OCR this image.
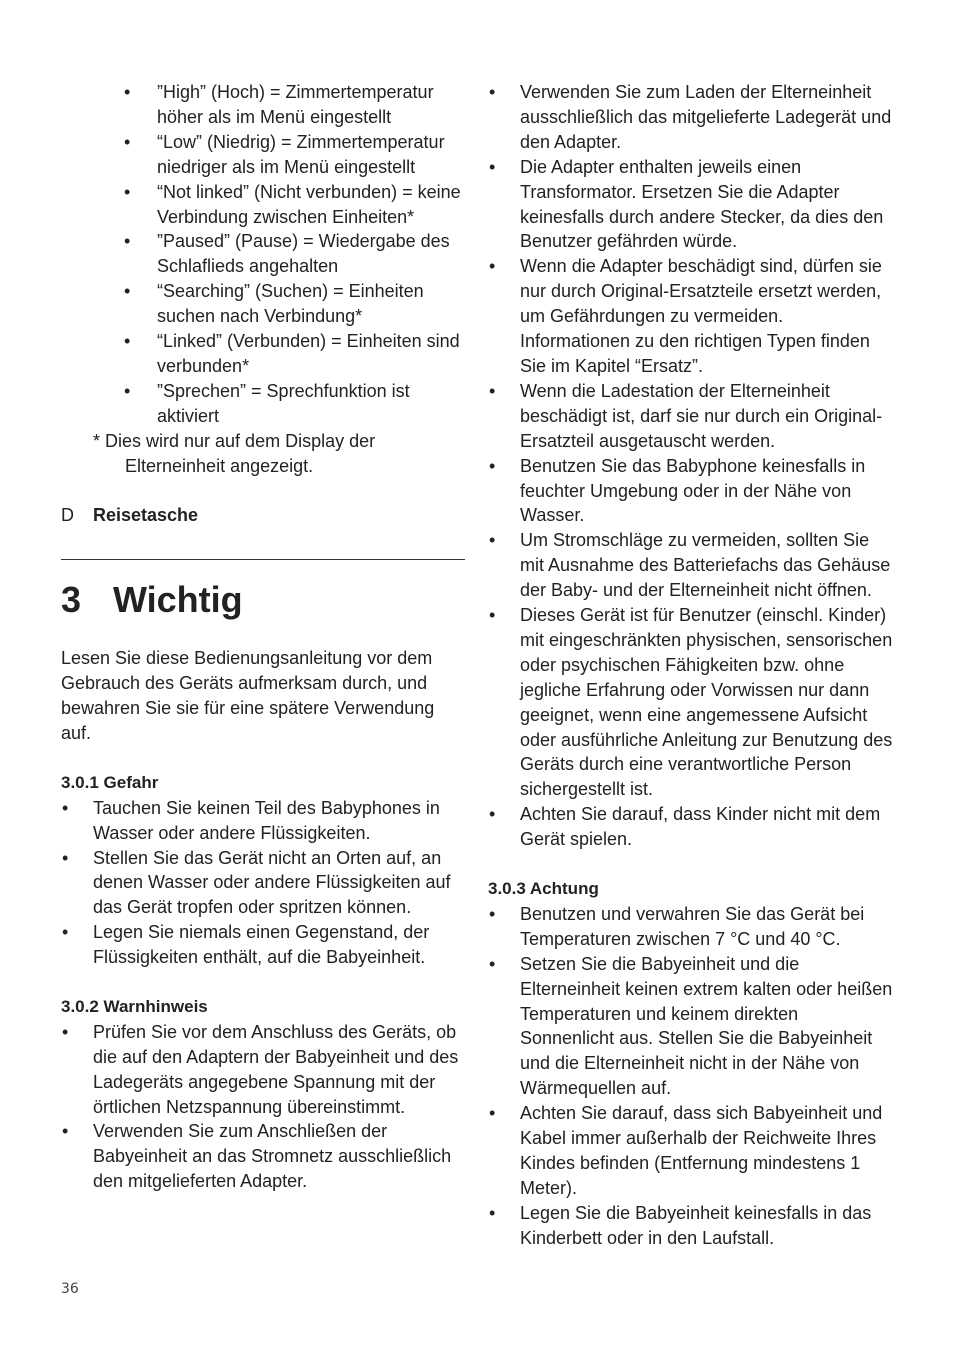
• ”High” (Hoch) = Zimmertemperatur höher als im Menü eingestellt
• “Low” (Niedrig) = Zimmertemperatur niedriger als im Menü eingestellt
• “Not linked” (Nicht verbunden) = keine Verbindung zwischen Einheiten*
• ”Paused” (Pause) = Wiedergabe des Schlaflieds angehalten
• “Searching” (Suchen) = Einheiten suchen nach Verbindung*
• “Linked” (Verbunden) = Einheiten sind verbunden*
• ”Sprechen” = Sprechfunktion ist aktiviert
* Dies wird nur auf dem Display der Elterneinheit angezeigt.
D Reisetasche
3 Wichtig
Lesen Sie diese Bedienungsanleitung vor dem Gebrauch des Geräts aufmerksam durch, und bewahren Sie sie für eine spätere Verwendung auf.
3.0.1 Gefahr
• Tauchen Sie keinen Teil des Babyphones in Wasser oder andere Flüssigkeiten.
• Stellen Sie das Gerät nicht an Orten auf, an denen Wasser oder andere Flüssigkeiten auf das Gerät tropfen oder spritzen können.
• Legen Sie niemals einen Gegenstand, der Flüssigkeiten enthält, auf die Babyeinheit.
3.0.2 Warnhinweis
• Prüfen Sie vor dem Anschluss des Geräts, ob die auf den Adaptern der Babyeinheit und des Ladegeräts angegebene Spannung mit der örtlichen Netzspannung übereinstimmt.
• Verwenden Sie zum Anschließen der Babyeinheit an das Stromnetz ausschließlich den mitgelieferten Adapter.
• Verwenden Sie zum Laden der Elterneinheit ausschließlich das mitgelieferte Ladegerät und den Adapter.
• Die Adapter enthalten jeweils einen Transformator. Ersetzen Sie die Adapter keinesfalls durch andere Stecker, da dies den Benutzer gefährden würde.
• Wenn die Adapter beschädigt sind, dürfen sie nur durch Original-Ersatzteile ersetzt werden, um Gefährdungen zu vermeiden. Informationen zu den richtigen Typen finden Sie im Kapitel “Ersatz”.
• Wenn die Ladestation der Elterneinheit beschädigt ist, darf sie nur durch ein Original-Ersatzteil ausgetauscht werden.
• Benutzen Sie das Babyphone keinesfalls in feuchter Umgebung oder in der Nähe von Wasser.
• Um Stromschläge zu vermeiden, sollten Sie mit Ausnahme des Batteriefachs das Gehäuse der Baby- und der Elterneinheit nicht öffnen.
• Dieses Gerät ist für Benutzer (einschl. Kinder) mit eingeschränkten physischen, sensorischen oder psychischen Fähigkeiten bzw. ohne jegliche Erfahrung oder Vorwissen nur dann geeignet, wenn eine angemessene Aufsicht oder ausführliche Anleitung zur Benutzung des Geräts durch eine verantwortliche Person sichergestellt ist.
• Achten Sie darauf, dass Kinder nicht mit dem Gerät spielen.
3.0.3 Achtung
• Benutzen und verwahren Sie das Gerät bei Temperaturen zwischen 7 °C und 40 °C.
• Setzen Sie die Babyeinheit und die Elterneinheit keinen extrem kalten oder heißen Temperaturen und keinem direkten Sonnenlicht aus. Stellen Sie die Babyeinheit und die Elterneinheit nicht in der Nähe von Wärmequellen auf.
• Achten Sie darauf, dass sich Babyeinheit und Kabel immer außerhalb der Reichweite Ihres Kindes befinden (Entfernung mindestens 1 Meter).
• Legen Sie die Babyeinheit keinesfalls in das Kinderbett oder in den Laufstall.
36
